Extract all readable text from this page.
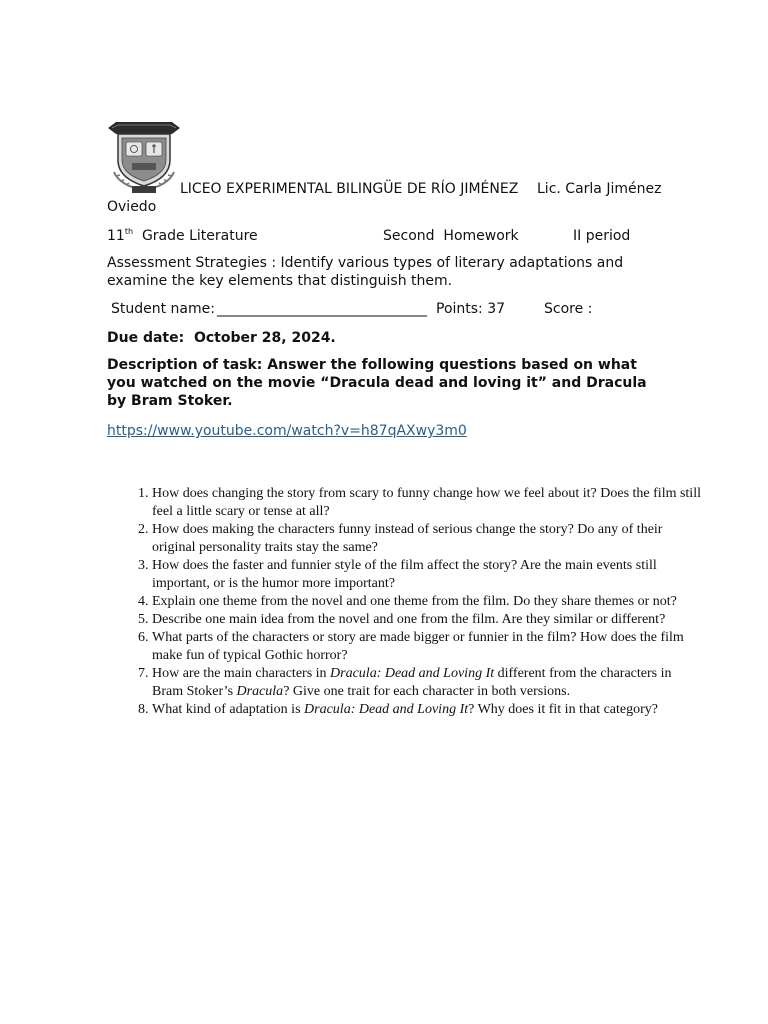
LICEO EXPERIMENTAL BILINGÜE DE RÍO JIMÉNEZ Lic. Carla Jiménez
Oviedo
11th Grade Literature	Second  Homework	II period
Assessment Strategies : Identify various types of literary adaptations and examine the key elements that distinguish them.
Student name: ______________________________ Points: 37	Score :
Due date:  October 28, 2024.
Description of task: Answer the following questions based on what you watched on the movie “Dracula dead and loving it” and Dracula by Bram Stoker.
https://www.youtube.com/watch?v=h87qAXwy3m0
1. How does changing the story from scary to funny change how we feel about it? Does the film still feel a little scary or tense at all?
2. How does making the characters funny instead of serious change the story? Do any of their original personality traits stay the same?
3. How does the faster and funnier style of the film affect the story? Are the main events still important, or is the humor more important?
4. Explain one theme from the novel and one theme from the film. Do they share themes or not?
5. Describe one main idea from the novel and one from the film. Are they similar or different?
6. What parts of the characters or story are made bigger or funnier in the film? How does the film make fun of typical Gothic horror?
7. How are the main characters in Dracula: Dead and Loving It different from the characters in Bram Stoker’s Dracula? Give one trait for each character in both versions.
8. What kind of adaptation is Dracula: Dead and Loving It? Why does it fit in that category?
